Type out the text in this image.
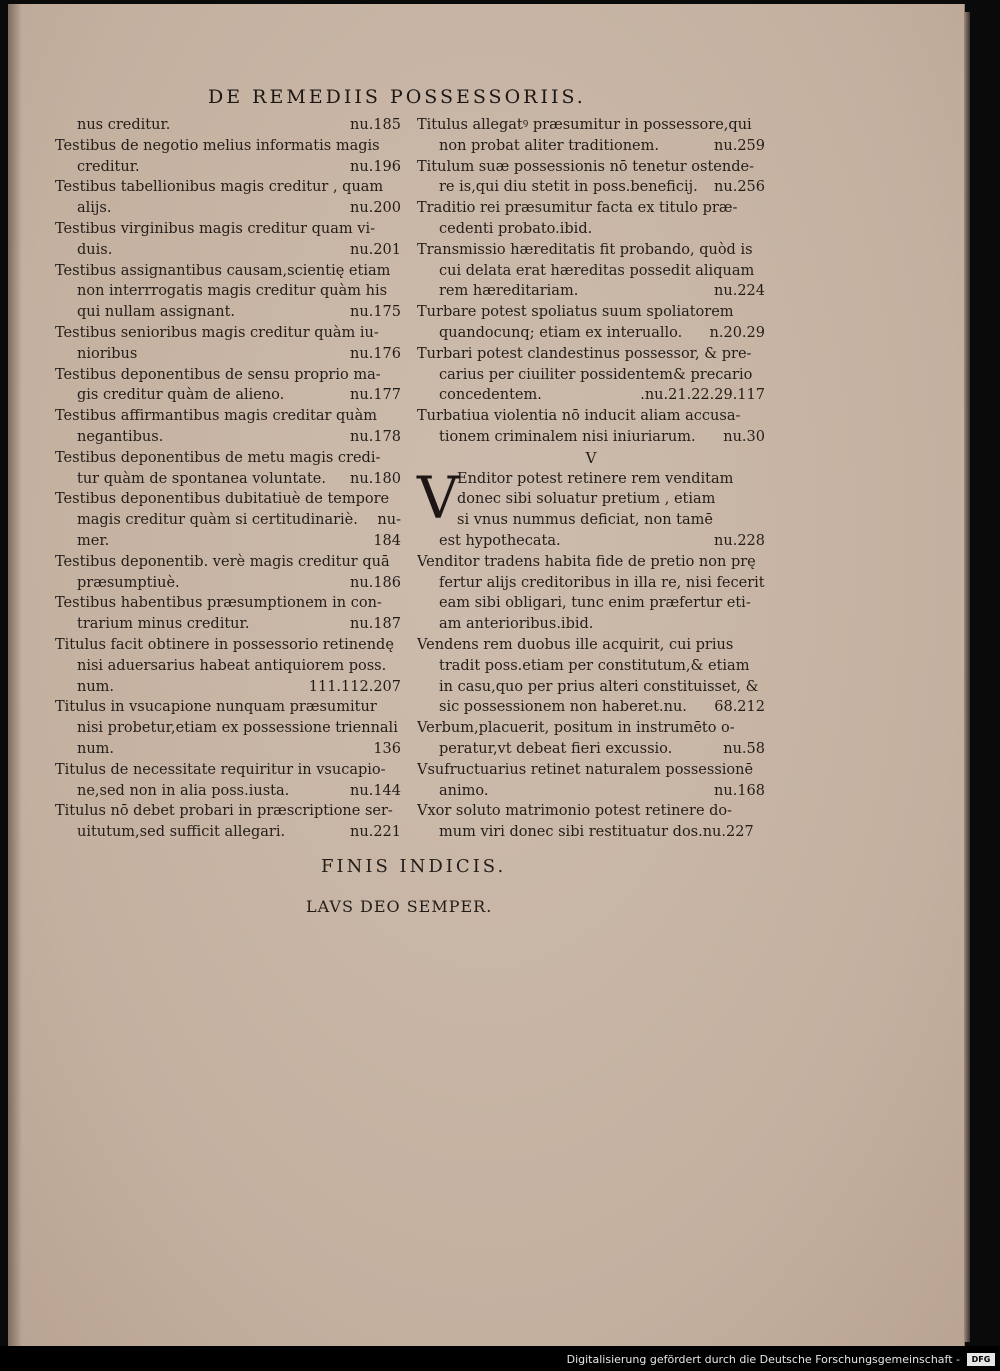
DE REMEDIIS POSSESSORIIS.
nus creditur.	nu.185
Testibus de negotio melius informatis magis
creditur.	nu.196
Testibus tabellionibus magis creditur , quam
alijs.	nu.200
Testibus virginibus magis creditur quam vi-
duis.	nu.201
Testibus assignantibus causam,scientię etiam
non interrrogatis magis creditur quàm his
qui nullam assignant.	nu.175
Testibus senioribus magis creditur quàm iu-
nioribus	nu.176
Testibus deponentibus de sensu proprio ma-
gis creditur quàm de alieno.	nu.177
Testibus affirmantibus magis creditar quàm
negantibus.	nu.178
Testibus deponentibus de metu magis credi-
tur quàm de spontanea voluntate.	nu.180
Testibus deponentibus dubitatiuè de tempore
magis creditur quàm si certitudinariè.	nu-
mer.	184
Testibus deponentib. verè magis creditur quā
præsumptiuè.	nu.186
Testibus habentibus præsumptionem in con-
trarium minus creditur.	nu.187
Titulus facit obtinere in possessorio retinendę
nisi aduersarius habeat antiquiorem poss.
num.	111.112.207
Titulus in vsucapione nunquam præsumitur
nisi probetur,etiam ex possessione triennali
num.	136
Titulus de necessitate requiritur in vsucapio-
ne,sed non in alia poss.iusta.	nu.144
Titulus nō debet probari in præscriptione ser-
uitutum,sed sufficit allegari.	nu.221
Titulus allegatꝰ præsumitur in possessore,qui
non probat aliter traditionem.	nu.259
Titulum suæ possessionis nō tenetur ostende-
re is,qui diu stetit in poss.beneficij.	nu.256
Traditio rei præsumitur facta ex titulo præ-
cedenti probato.ibid.
Transmissio hæreditatis fit probando, quòd is
cui delata erat hæreditas possedit aliquam
rem hæreditariam.	nu.224
Turbare potest spoliatus suum spoliatorem
quandocunq; etiam ex interuallo.	n.20.29
Turbari potest clandestinus possessor, & pre-
carius per ciuiliter possidentem& precario
concedentem.	.nu.21.22.29.117
Turbatiua violentia nō inducit aliam accusa-
tionem criminalem nisi iniuriarum.	nu.30
V
V
Enditor potest retinere rem venditam
donec sibi soluatur pretium , etiam
si vnus nummus deficiat, non tamē
est hypothecata.	nu.228
Venditor tradens habita fide de pretio non prę
fertur alijs creditoribus in illa re, nisi fecerit
eam sibi obligari, tunc enim præfertur eti-
am anterioribus.ibid.
Vendens rem duobus ille acquirit, cui prius
tradit poss.etiam per constitutum,& etiam
in casu,quo per prius alteri constituisset, &
sic possessionem non haberet.nu.	68.212
Verbum,placuerit, positum in instrumēto o-
peratur,vt debeat fieri excussio.	nu.58
Vsufructuarius retinet naturalem possessionē
animo.	nu.168
Vxor soluto matrimonio potest retinere do-
mum viri donec sibi restituatur dos.nu.227
FINIS INDICIS.
LAVS DEO SEMPER.
Digitalisierung gefördert durch die Deutsche Forschungsgemeinschaft -	DFG
